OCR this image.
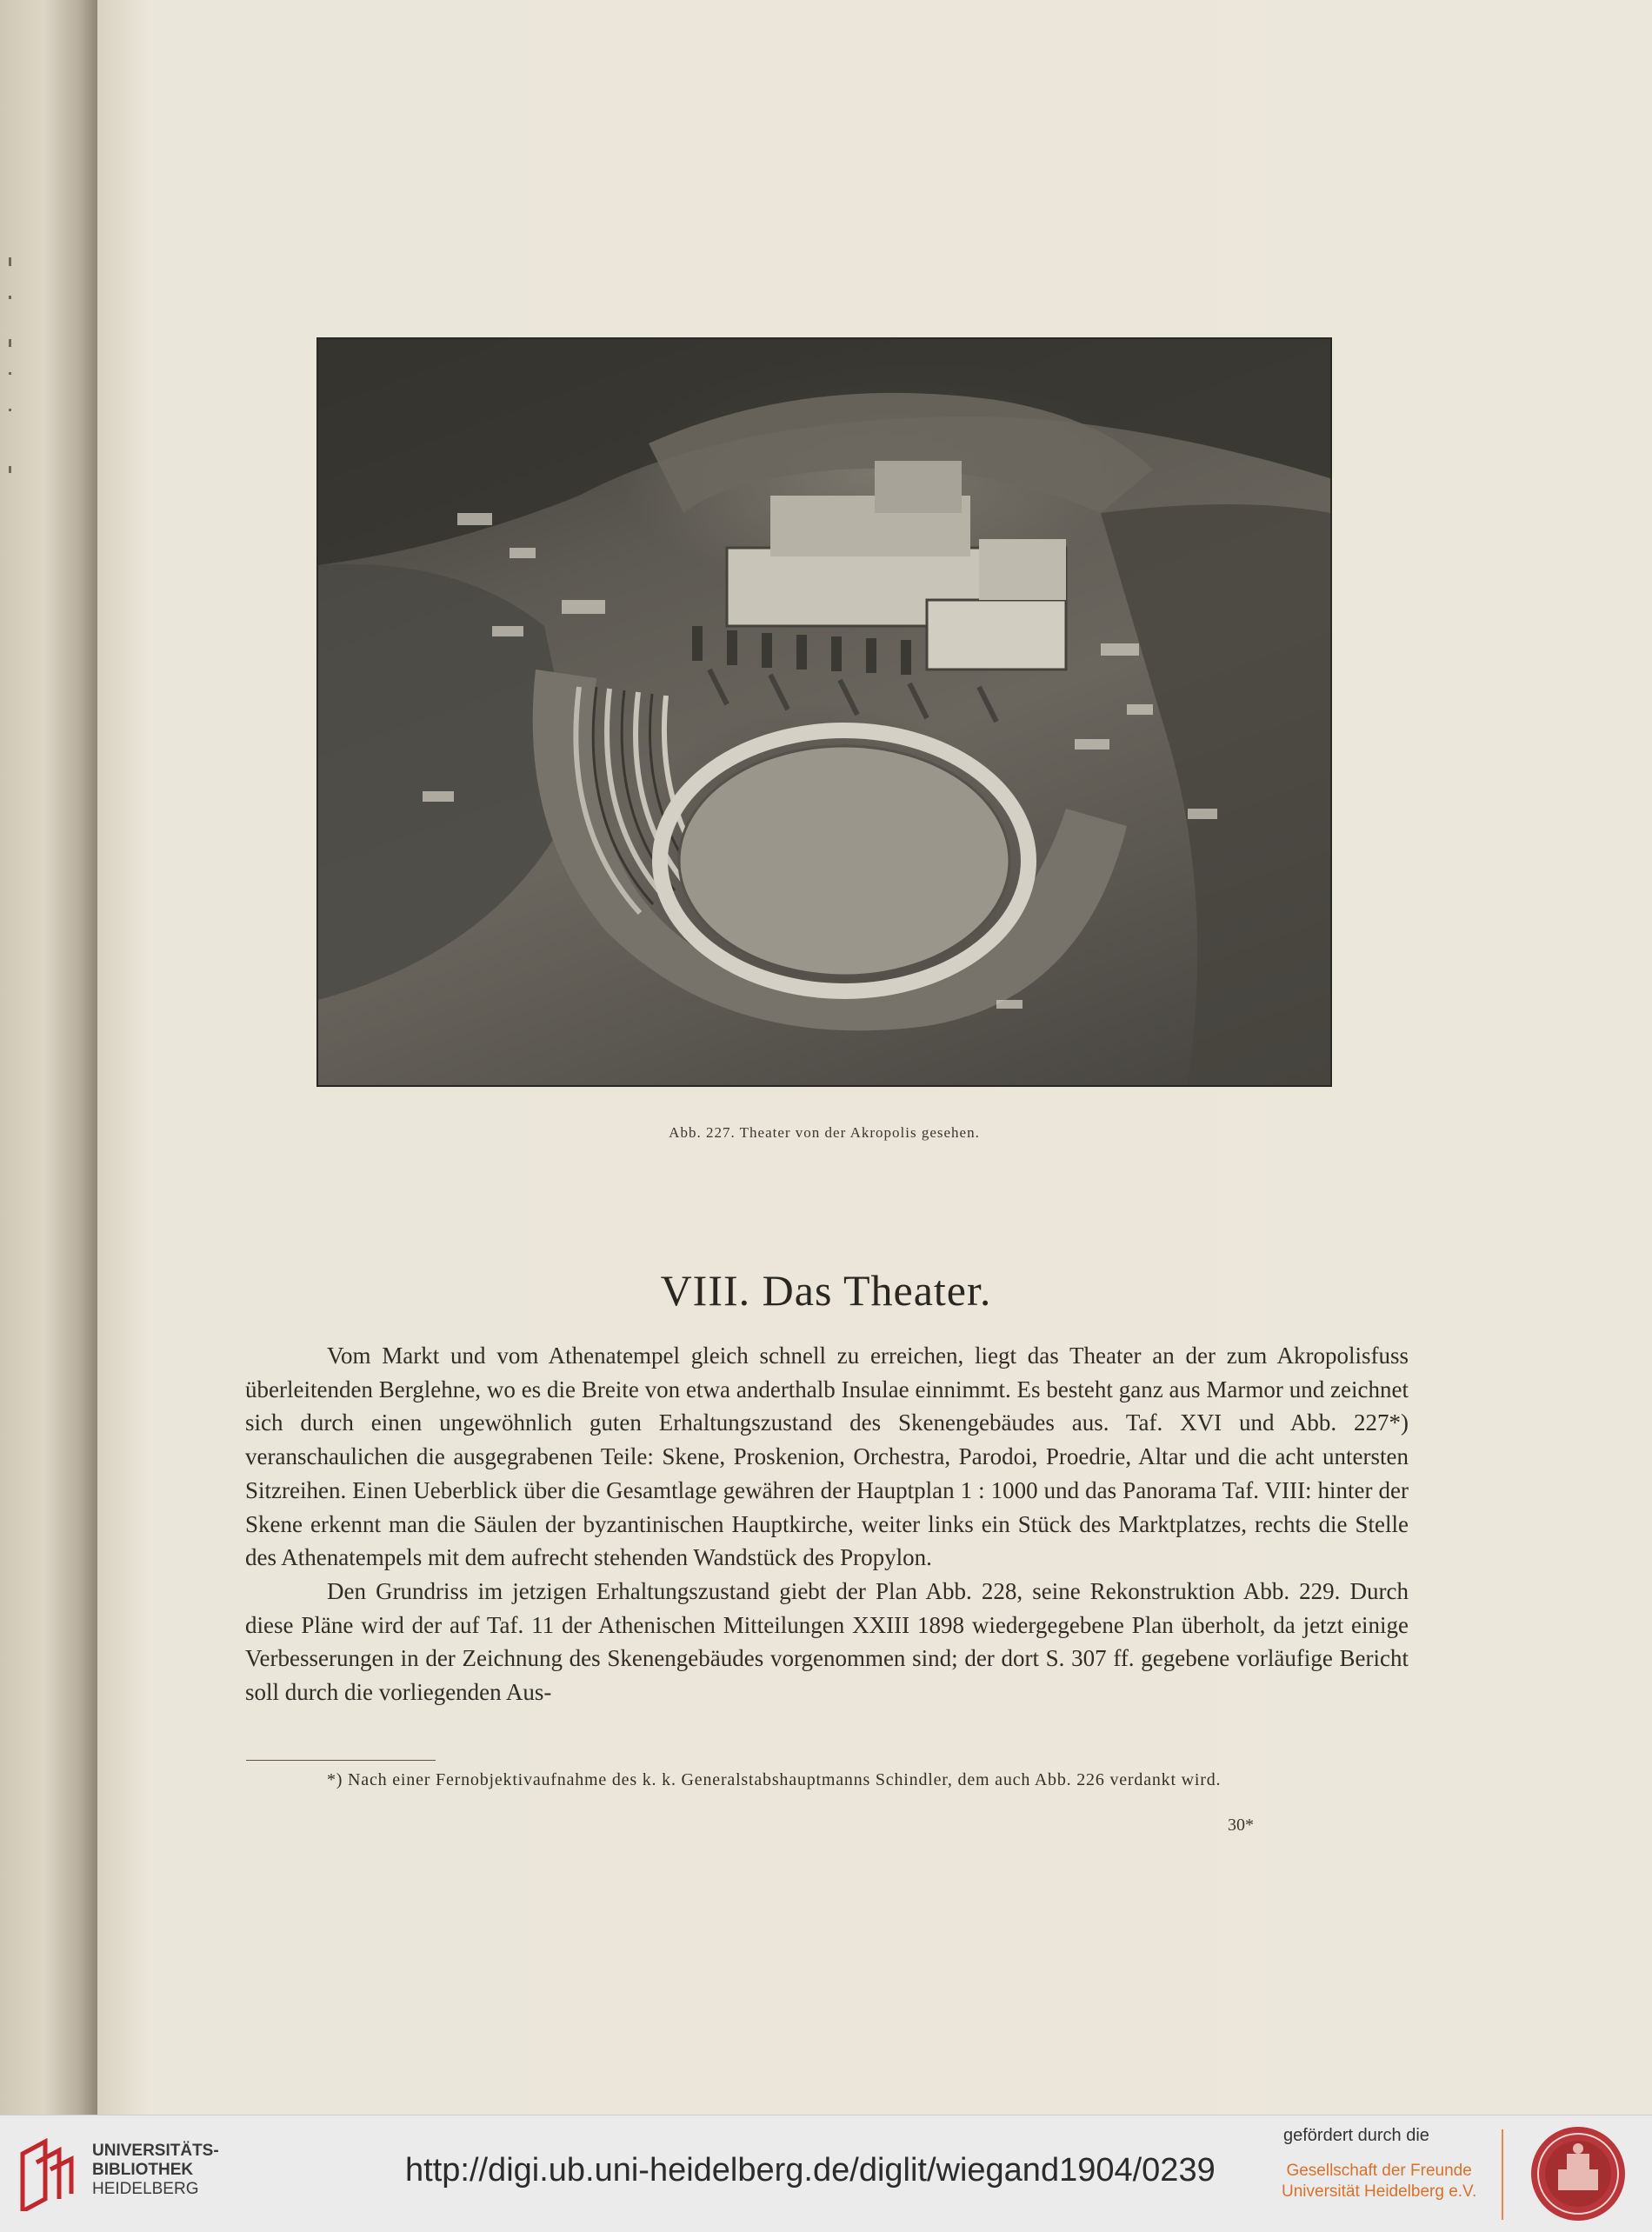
Abb. 227. Theater von der Akropolis gesehen.
VIII. Das Theater.

Vom Markt und vom Athenatempel gleich schnell zu erreichen, liegt das Theater an der zum Akropolisfuss überleitenden Berglehne, wo es die Breite von etwa anderthalb Insulae einnimmt. Es besteht ganz aus Marmor und zeichnet sich durch einen ungewöhnlich guten Erhaltungszustand des Skenengebäudes aus. Taf. XVI und Abb. 227*) veranschaulichen die ausgegrabenen Teile: Skene, Proskenion, Orchestra, Parodoi, Proedrie, Altar und die acht untersten Sitzreihen. Einen Ueberblick über die Gesamtlage gewähren der Hauptplan 1 : 1000 und das Panorama Taf. VIII: hinter der Skene erkennt man die Säulen der byzantinischen Hauptkirche, weiter links ein Stück des Marktplatzes, rechts die Stelle des Athenatempels mit dem aufrecht stehenden Wandstück des Propylon.

Den Grundriss im jetzigen Erhaltungszustand giebt der Plan Abb. 228, seine Rekonstruktion Abb. 229. Durch diese Pläne wird der auf Taf. 11 der Athenischen Mitteilungen XXIII 1898 wiedergegebene Plan überholt, da jetzt einige Verbesserungen in der Zeichnung des Skenengebäudes vorgenommen sind; der dort S. 307 ff. gegebene vorläufige Bericht soll durch die vorliegenden Aus-

*) Nach einer Fernobjektivaufnahme des k. k. Generalstabshauptmanns Schindler, dem auch Abb. 226 verdankt wird.

30*
UNIVERSITÄTS-
BIBLIOTHEK
HEIDELBERG
http://digi.ub.uni-heidelberg.de/diglit/wiegand1904/0239
gefördert durch die
Gesellschaft der Freunde
Universität Heidelberg e.V.
